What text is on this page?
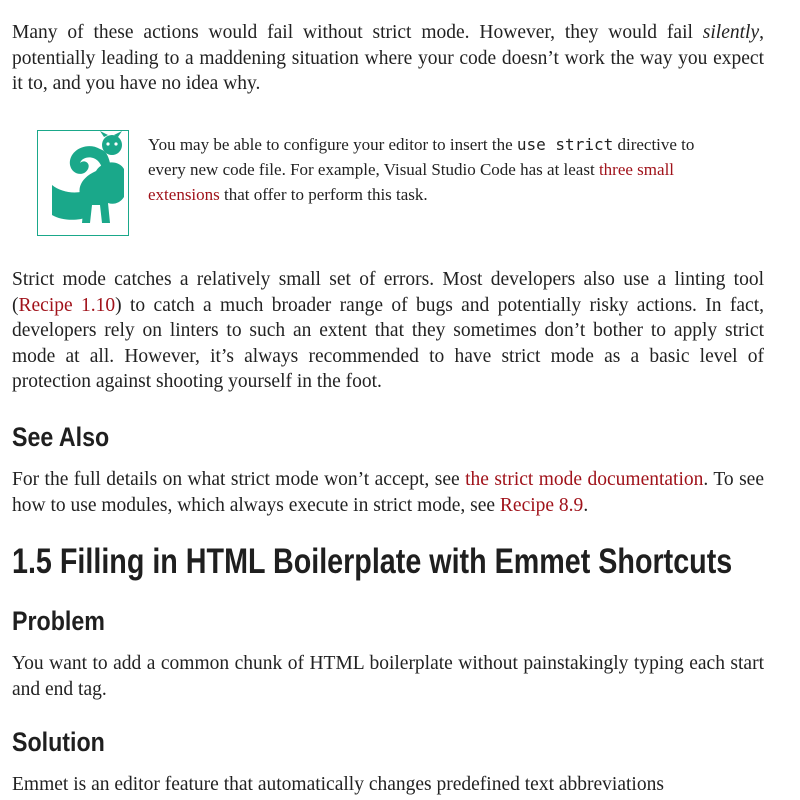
Many of these actions would fail without strict mode. However, they would fail silently, potentially leading to a maddening situation where your code doesn’t work the way you expect it to, and you have no idea why.

You may be able to configure your editor to insert the use strict directive to every new code file. For example, Visual Studio Code has at least three small extensions that offer to perform this task.

Strict mode catches a relatively small set of errors. Most developers also use a linting tool (Recipe 1.10) to catch a much broader range of bugs and potentially risky actions. In fact, developers rely on linters to such an extent that they sometimes don’t bother to apply strict mode at all. However, it’s always recommended to have strict mode as a basic level of protection against shooting yourself in the foot.

See Also

For the full details on what strict mode won’t accept, see the strict mode documentation. To see how to use modules, which always execute in strict mode, see Recipe 8.9.

1.5 Filling in HTML Boilerplate with Emmet Shortcuts
Problem

You want to add a common chunk of HTML boilerplate without painstakingly typing each start and end tag.

Solution

Emmet is an editor feature that automatically changes predefined text abbreviations
